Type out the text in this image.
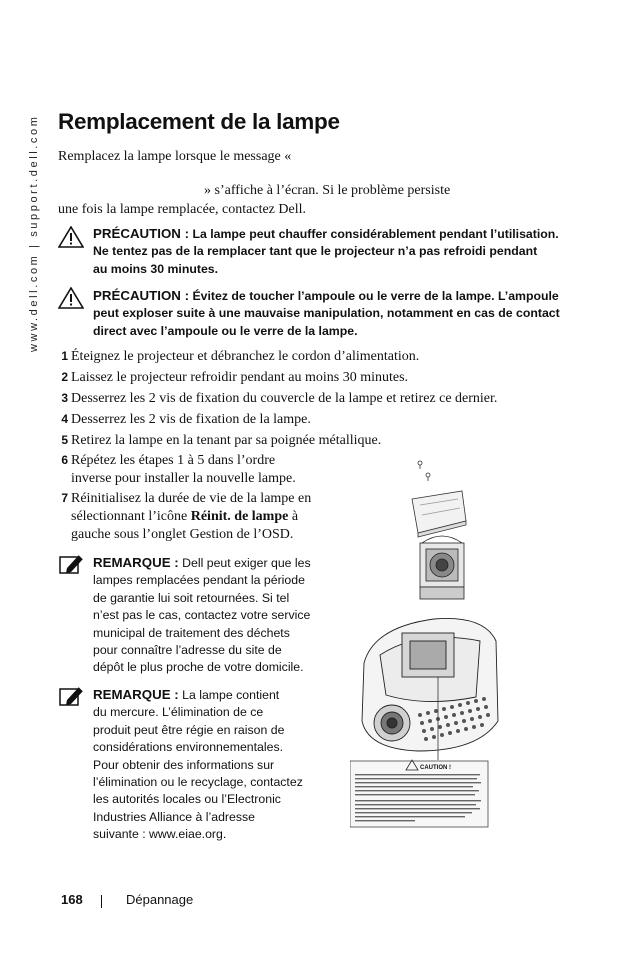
www.dell.com | support.dell.com Remplacement de la lampe
Remplacez la lampe lorsque le message «
» s’affiche à l’écran. Si le problème persiste
une fois la lampe remplacée, contactez Dell.
PRÉCAUTION : La lampe peut chauffer considérablement pendant l’utilisation.
Ne tentez pas de la remplacer tant que le projecteur n’a pas refroidi pendant
au moins 30 minutes.
PRÉCAUTION : Évitez de toucher l’ampoule ou le verre de la lampe. L’ampoule
peut exploser suite à une mauvaise manipulation, notamment en cas de contact
direct avec l’ampoule ou le verre de la lampe.
1 Éteignez le projecteur et débranchez le cordon d’alimentation.
2 Laissez le projecteur refroidir pendant au moins 30 minutes.
3 Desserrez les 2 vis de fixation du couvercle de la lampe et retirez ce dernier.
4 Desserrez les 2 vis de fixation de la lampe.
5 Retirez la lampe en la tenant par sa poignée métallique.
6 Répétez les étapes 1 à 5 dans l’ordre
inverse pour installer la nouvelle lampe.
7 Réinitialisez la durée de vie de la lampe en
sélectionnant l’icône Réinit. de lampe à
gauche sous l’onglet Gestion de l’OSD.
REMARQUE : Dell peut exiger que les
lampes remplacées pendant la période
de garantie lui soit retournées. Si tel
n’est pas le cas, contactez votre service
municipal de traitement des déchets
pour connaître l’adresse du site de
dépôt le plus proche de votre domicile.
REMARQUE : La lampe contient
du mercure. L’élimination de ce
produit peut être régie en raison de
considérations environnementales.
Pour obtenir des informations sur
l’élimination ou le recyclage, contactez
les autorités locales ou l’Electronic
Industries Alliance à l’adresse
suivante : www.eiae.org.
CAUTION !
168	Dépannage
